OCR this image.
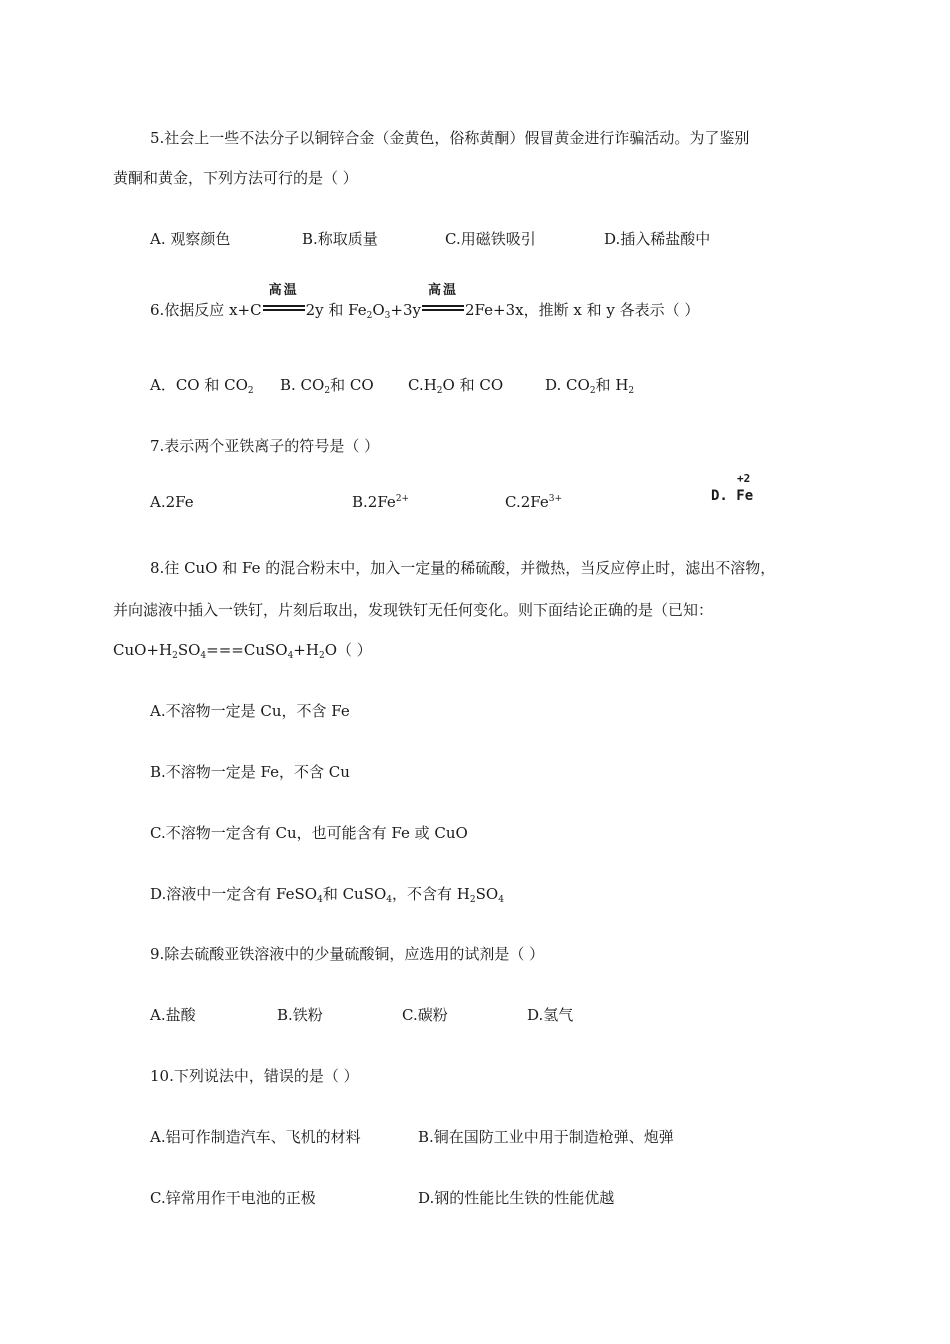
5.社会上一些不法分子以铜锌合金（金黄色，俗称黄酮）假冒黄金进行诈骗活动。为了鉴别
黄酮和黄金，下列方法可行的是（ ）
A. 观察颜色	B.称取质量	C.用磁铁吸引	D.插入稀盐酸中
6.依据反应 x+C
高温
2y 和 $Fe_2O_3+3y$
高温
2Fe+3x，推断 x 和 y 各表示（ ）
A．CO 和 $CO_2$ B. $CO_2$和 CO $C.H_2O$ 和 CO	D. $CO_2$和 $H_2$
7.表示两个亚铁离子的符号是（ ）
A.2Fe	$B.2Fe^{2+}$	$C.2Fe^{3+}$
+2
D. Fe
8.往 CuO 和 Fe 的混合粉末中，加入一定量的稀硫酸，并微热，当反应停止时，滤出不溶物，
并向滤液中插入一铁钉，片刻后取出，发现铁钉无任何变化。则下面结论正确的是（已知：
$CuO+H_2SO_4===CuSO_4+H_2O$（ ）
A.不溶物一定是 Cu，不含 Fe
B.不溶物一定是 Fe，不含 Cu
C.不溶物一定含有 Cu，也可能含有 Fe 或 CuO
D.溶液中一定含有 FeSO$_4$和 CuSO$_4$，不含有 $H_2SO_4$
9.除去硫酸亚铁溶液中的少量硫酸铜，应选用的试剂是（ ）
A.盐酸	B.铁粉	C.碳粉	D.氢气
10.下列说法中，错误的是（ ）
A.铝可作制造汽车、飞机的材料	B.铜在国防工业中用于制造枪弹、炮弹
C.锌常用作干电池的正极	D.钢的性能比生铁的性能优越
